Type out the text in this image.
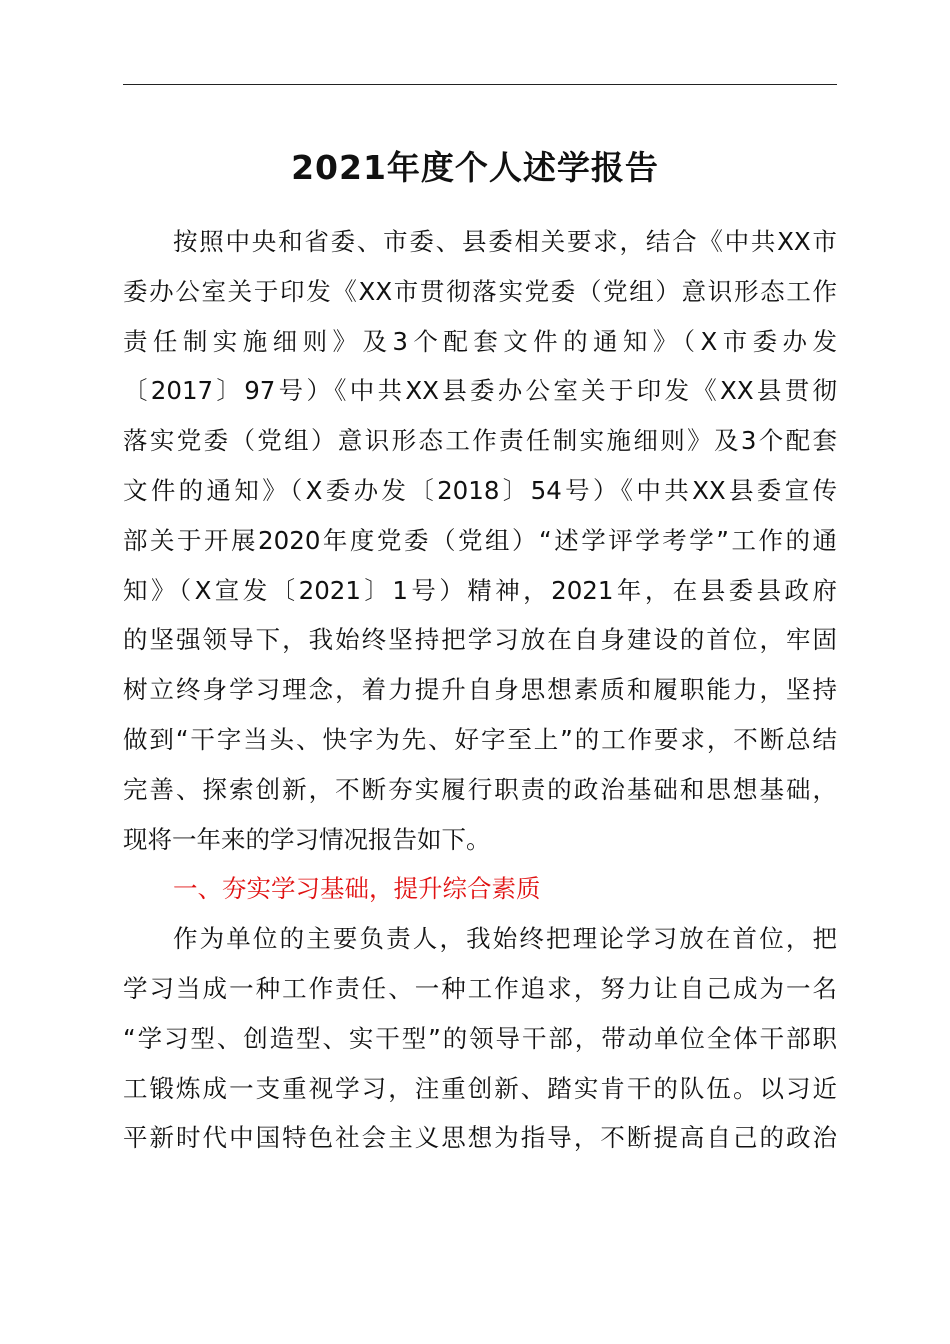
2021年度个人述学报告
按照中央和省委、市委、县委相关要求，结合《中共XX市
委办公室关于印发《XX市贯彻落实党委（党组）意识形态工作
责任制实施细则》及3个配套文件的通知》（X市委办发
〔2017〕97号）《中共XX县委办公室关于印发《XX县贯彻
落实党委（党组）意识形态工作责任制实施细则》及3个配套
文件的通知》（X委办发〔2018〕54号）《中共XX县委宣传
部关于开展2020年度党委（党组）“述学评学考学”工作的通
知》（X宣发〔2021〕1号）精神，2021年，在县委县政府
的坚强领导下，我始终坚持把学习放在自身建设的首位，牢固
树立终身学习理念，着力提升自身思想素质和履职能力，坚持
做到“干字当头、快字为先、好字至上”的工作要求，不断总结
完善、探索创新，不断夯实履行职责的政治基础和思想基础，
现将一年来的学习情况报告如下。
一、夯实学习基础，提升综合素质
作为单位的主要负责人，我始终把理论学习放在首位，把
学习当成一种工作责任、一种工作追求，努力让自己成为一名
“学习型、创造型、实干型”的领导干部，带动单位全体干部职
工锻炼成一支重视学习，注重创新、踏实肯干的队伍。以习近
平新时代中国特色社会主义思想为指导，不断提高自己的政治
